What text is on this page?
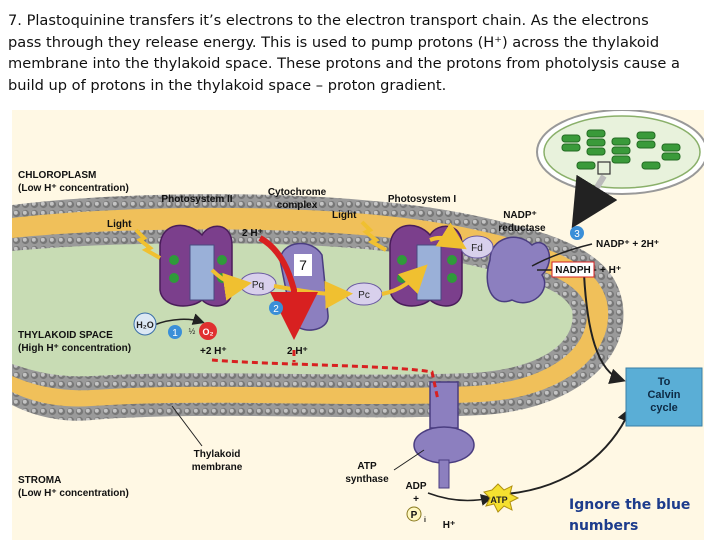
7. Plastoquinine transfers it’s electrons to the electron transport chain. As the electrons
pass through they release energy. This is used to pump protons (H⁺) across the thylakoid
membrane into the thylakoid space. These protons and the protons from photolysis cause a
build up of protons in the thylakoid space – proton gradient.
Pq
Pc
Fd
To
Calvin
cycle
ATP
1
2
3
H₂O
O₂
½
CHLOROPLASM
(Low H⁺ concentration)
Photosystem II
Cytochrome
complex
Photosystem I
NADP⁺
reductase
Light
Light
2 H⁺
NADP⁺ + 2H⁺
NADPH + H⁺
THYLAKOID SPACE
(High H⁺ concentration)	+2 H⁺	2 H⁺
Thylakoid
membrane	ATP
synthase
STROMA
(Low H⁺ concentration)
ADP
+
P i H⁺
7
Ignore the blue
numbers
